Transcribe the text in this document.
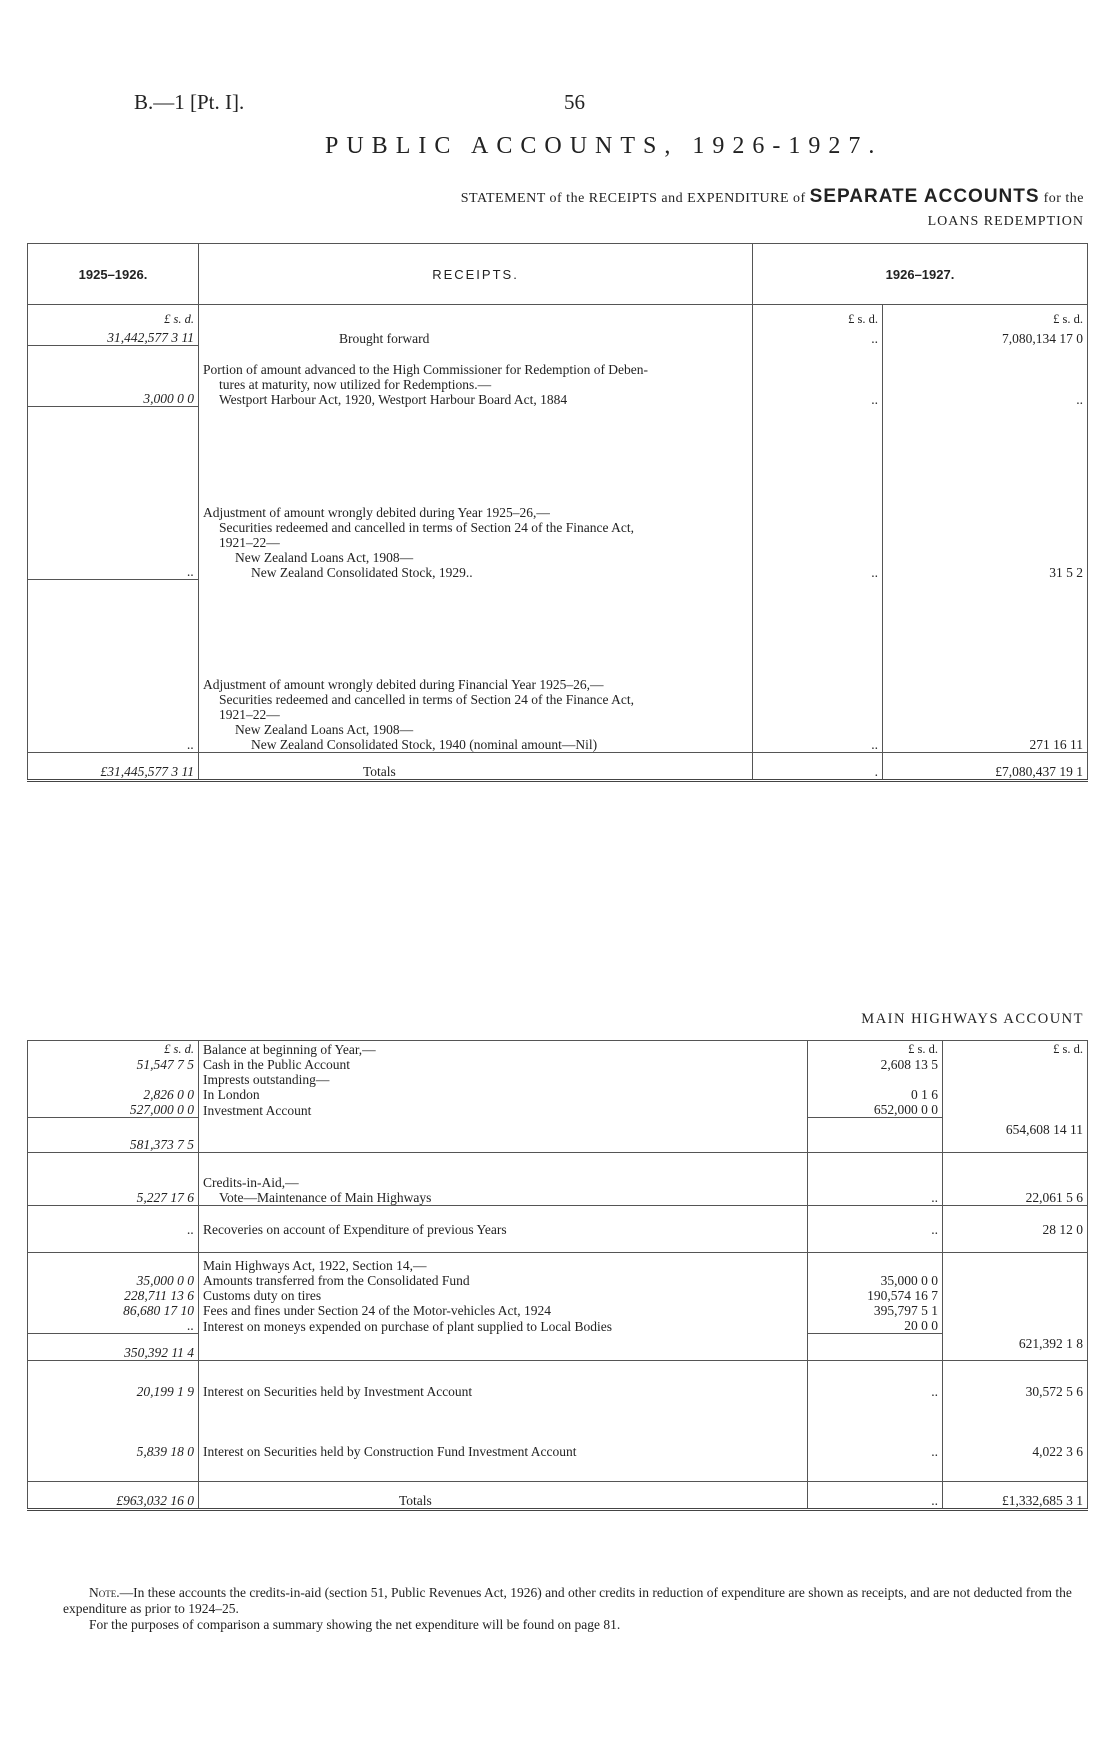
B.—1 [Pt. I].	56
PUBLIC ACCOUNTS, 1926-1927.
STATEMENT of the RECEIPTS and EXPENDITURE of SEPARATE ACCOUNTS for the
LOANS REDEMPTION
1925–1926.	RECEIPTS.	1926–1927.	
£ s. d.		£ s. d.	£ s. d.
31,442,577 3 11	Brought forward	..	7,080,134 17 0
3,000 0 0	Portion of amount advanced to the High Commissioner for Redemption of Deben-
tures at maturity, now utilized for Redemptions.—
Westport Harbour Act, 1920, Westport Harbour Board Act, 1884	..	..
..	Adjustment of amount wrongly debited during Year 1925–26,—
Securities redeemed and cancelled in terms of Section 24 of the Finance Act,
1921–22—
New Zealand Loans Act, 1908—
New Zealand Consolidated Stock, 1929..	..	31 5 2
..	Adjustment of amount wrongly debited during Financial Year 1925–26,—
Securities redeemed and cancelled in terms of Section 24 of the Finance Act,
1921–22—
New Zealand Loans Act, 1908—
New Zealand Consolidated Stock, 1940 (nominal amount—Nil)	..	271 16 11
£31,445,577 3 11	Totals	.	£7,080,437 19 1
MAIN HIGHWAYS ACCOUNT
£ s. d.	Balance at beginning of Year,—	£ s. d.	£ s. d.
51,547 7 5	Cash in the Public Account	2,608 13 5	
	Imprests outstanding—		
2,826 0 0	In London	0 1 6	
527,000 0 0	Investment Account	652,000 0 0	
581,373 7 5			654,608 14 11
5,227 17 6	Credits-in-Aid,—
Vote—Maintenance of Main Highways	..	22,061 5 6
..	Recoveries on account of Expenditure of previous Years	..	28 12 0
	Main Highways Act, 1922, Section 14,—		
35,000 0 0	Amounts transferred from the Consolidated Fund	35,000 0 0	
228,711 13 6	Customs duty on tires	190,574 16 7	
86,680 17 10	Fees and fines under Section 24 of the Motor-vehicles Act, 1924	395,797 5 1	
..	Interest on moneys expended on purchase of plant supplied to Local Bodies	20 0 0	
350,392 11 4			621,392 1 8
20,199 1 9	Interest on Securities held by Investment Account	..	30,572 5 6
5,839 18 0	Interest on Securities held by Construction Fund Investment Account	..	4,022 3 6
£963,032 16 0	Totals	..	£1,332,685 3 1

Note.—In these accounts the credits-in-aid (section 51, Public Revenues Act, 1926) and other credits in reduction of expenditure are shown as receipts, and are not deducted from the expenditure as prior to 1924–25.

For the purposes of comparison a summary showing the net expenditure will be found on page 81.
